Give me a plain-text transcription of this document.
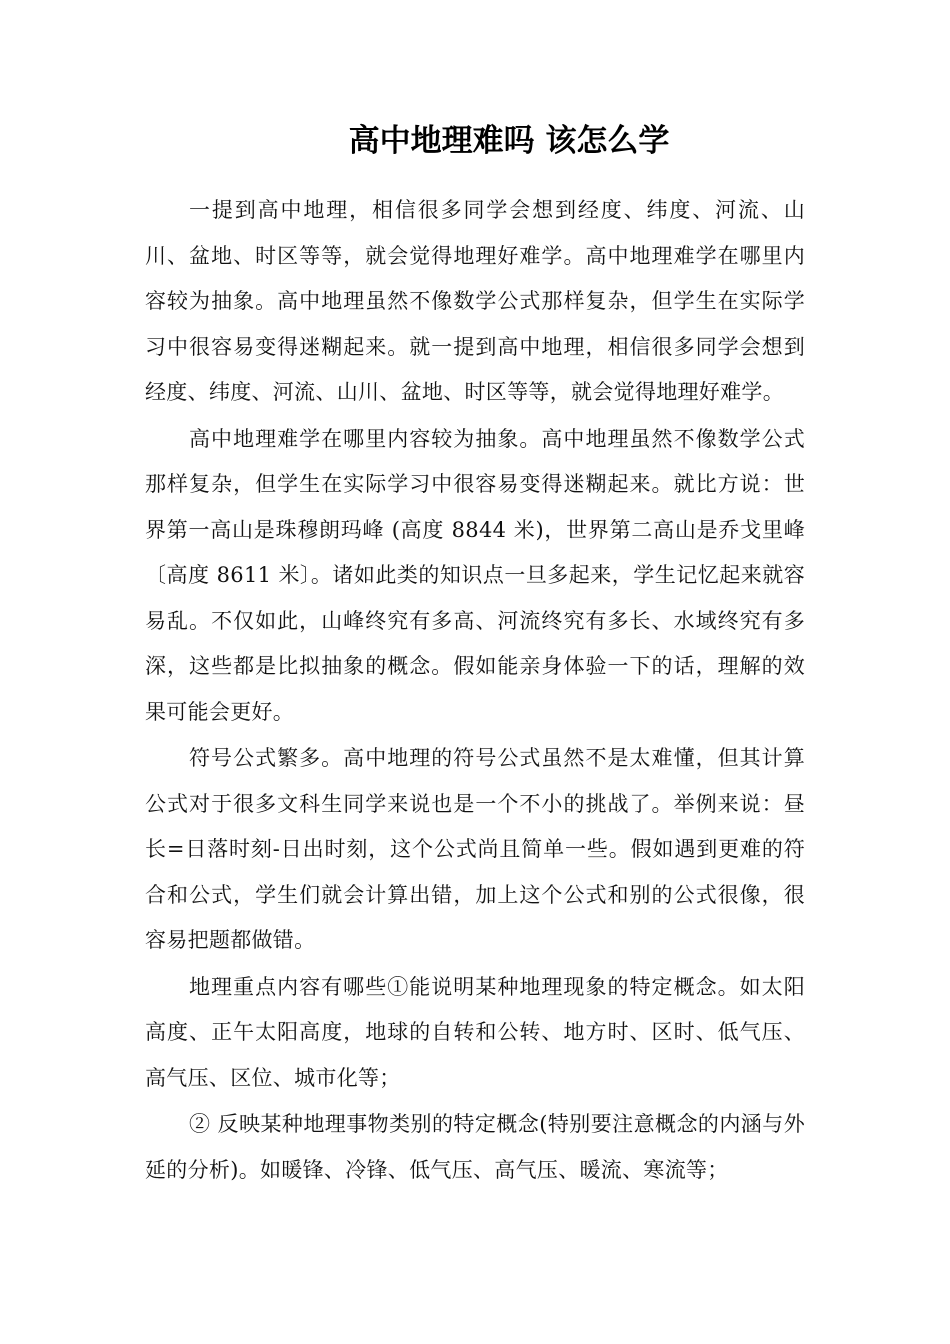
高中地理难吗 该怎么学

一提到高中地理，相信很多同学会想到经度、纬度、河流、山川、盆地、时区等等，就会觉得地理好难学。高中地理难学在哪里内容较为抽象。高中地理虽然不像数学公式那样复杂，但学生在实际学习中很容易变得迷糊起来。就一提到高中地理，相信很多同学会想到经度、纬度、河流、山川、盆地、时区等等，就会觉得地理好难学。

高中地理难学在哪里内容较为抽象。高中地理虽然不像数学公式那样复杂，但学生在实际学习中很容易变得迷糊起来。就比方说：世界第一高山是珠穆朗玛峰 (高度 8844 米)，世界第二高山是乔戈里峰〔高度 8611 米〕。诸如此类的知识点一旦多起来，学生记忆起来就容易乱。不仅如此，山峰终究有多高、河流终究有多长、水域终究有多深，这些都是比拟抽象的概念。假如能亲身体验一下的话，理解的效果可能会更好。

符号公式繁多。高中地理的符号公式虽然不是太难懂，但其计算公式对于很多文科生同学来说也是一个不小的挑战了。举例来说：昼长=日落时刻-日出时刻，这个公式尚且简单一些。假如遇到更难的符合和公式，学生们就会计算出错，加上这个公式和别的公式很像，很容易把题都做错。

地理重点内容有哪些①能说明某种地理现象的特定概念。如太阳高度、正午太阳高度，地球的自转和公转、地方时、区时、低气压、高气压、区位、城市化等；

② 反映某种地理事物类别的特定概念(特别要注意概念的内涵与外延的分析)。如暖锋、冷锋、低气压、高气压、暖流、寒流等；
